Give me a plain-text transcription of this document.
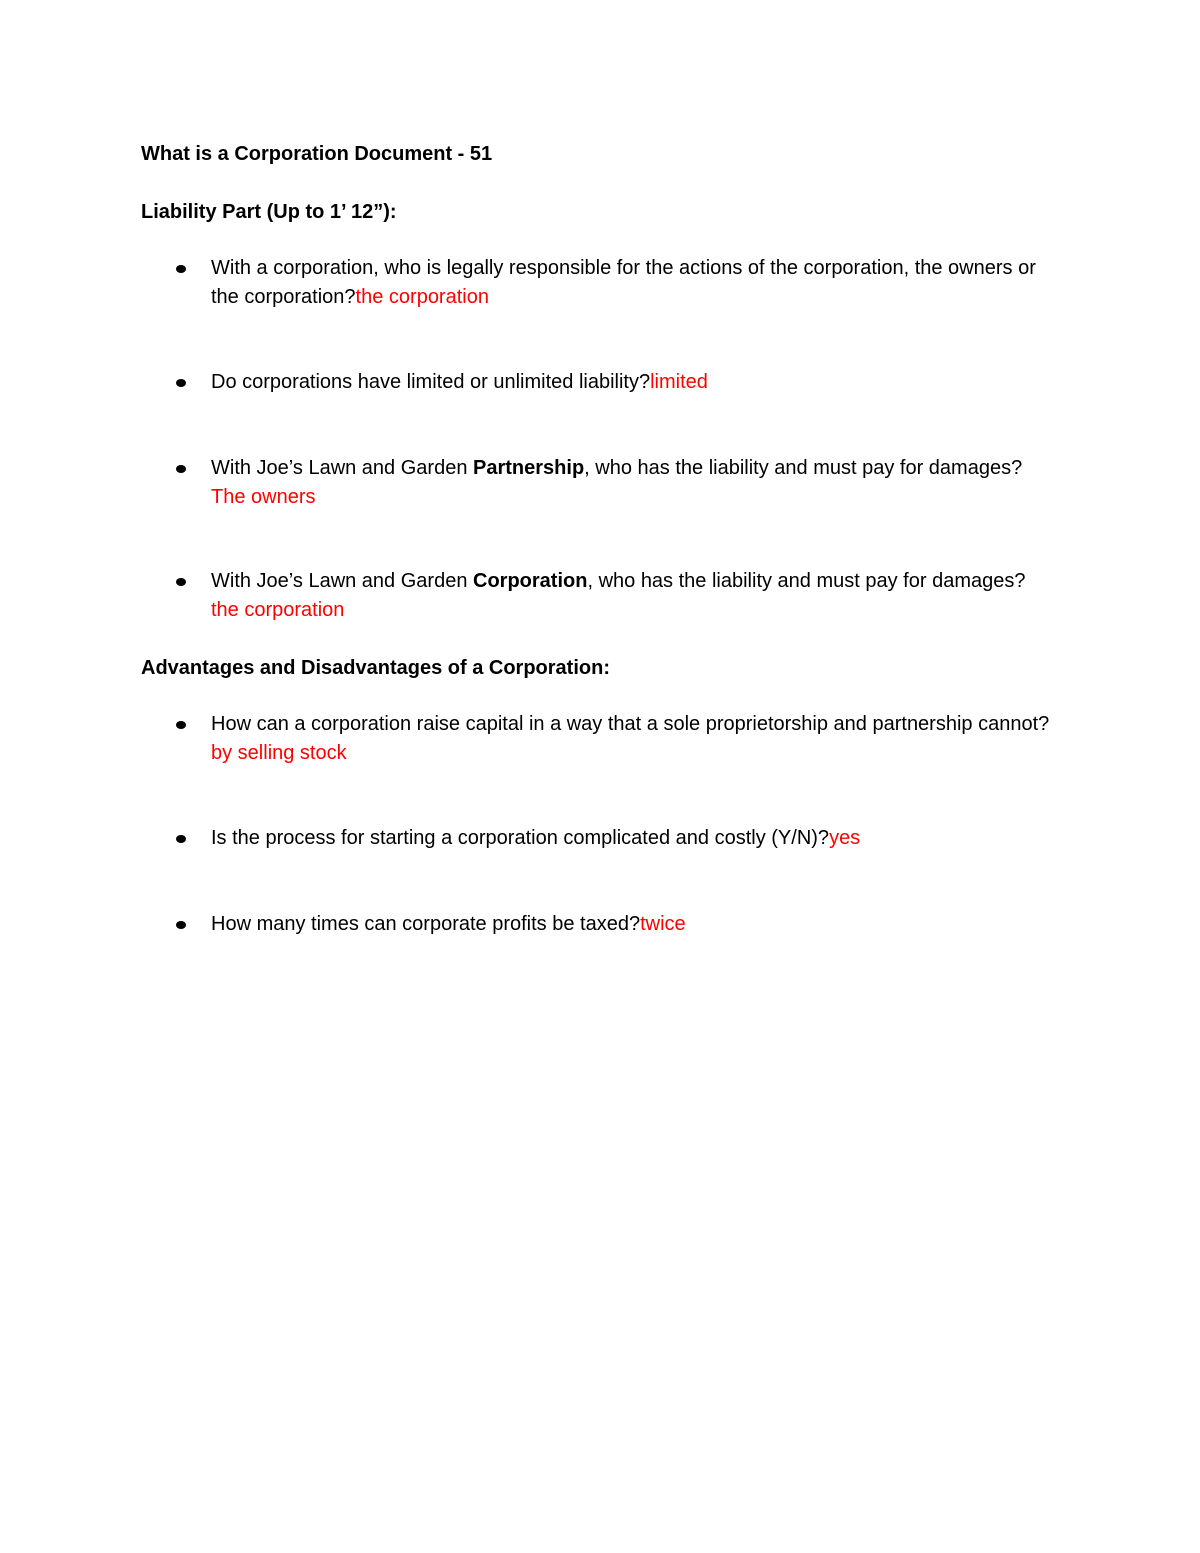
What is a Corporation Document - 51
Liability Part (Up to 1’ 12”):
With a corporation, who is legally responsible for the actions of the corporation, the owners or the corporation?the corporation
Do corporations have limited or unlimited liability?limited
With Joe’s Lawn and Garden Partnership, who has the liability and must pay for damages? The owners
With Joe’s Lawn and Garden Corporation, who has the liability and must pay for damages?the corporation
Advantages and Disadvantages of a Corporation:
How can a corporation raise capital in a way that a sole proprietorship and partnership cannot?by selling stock
Is the process for starting a corporation complicated and costly (Y/N)?yes
How many times can corporate profits be taxed?twice
